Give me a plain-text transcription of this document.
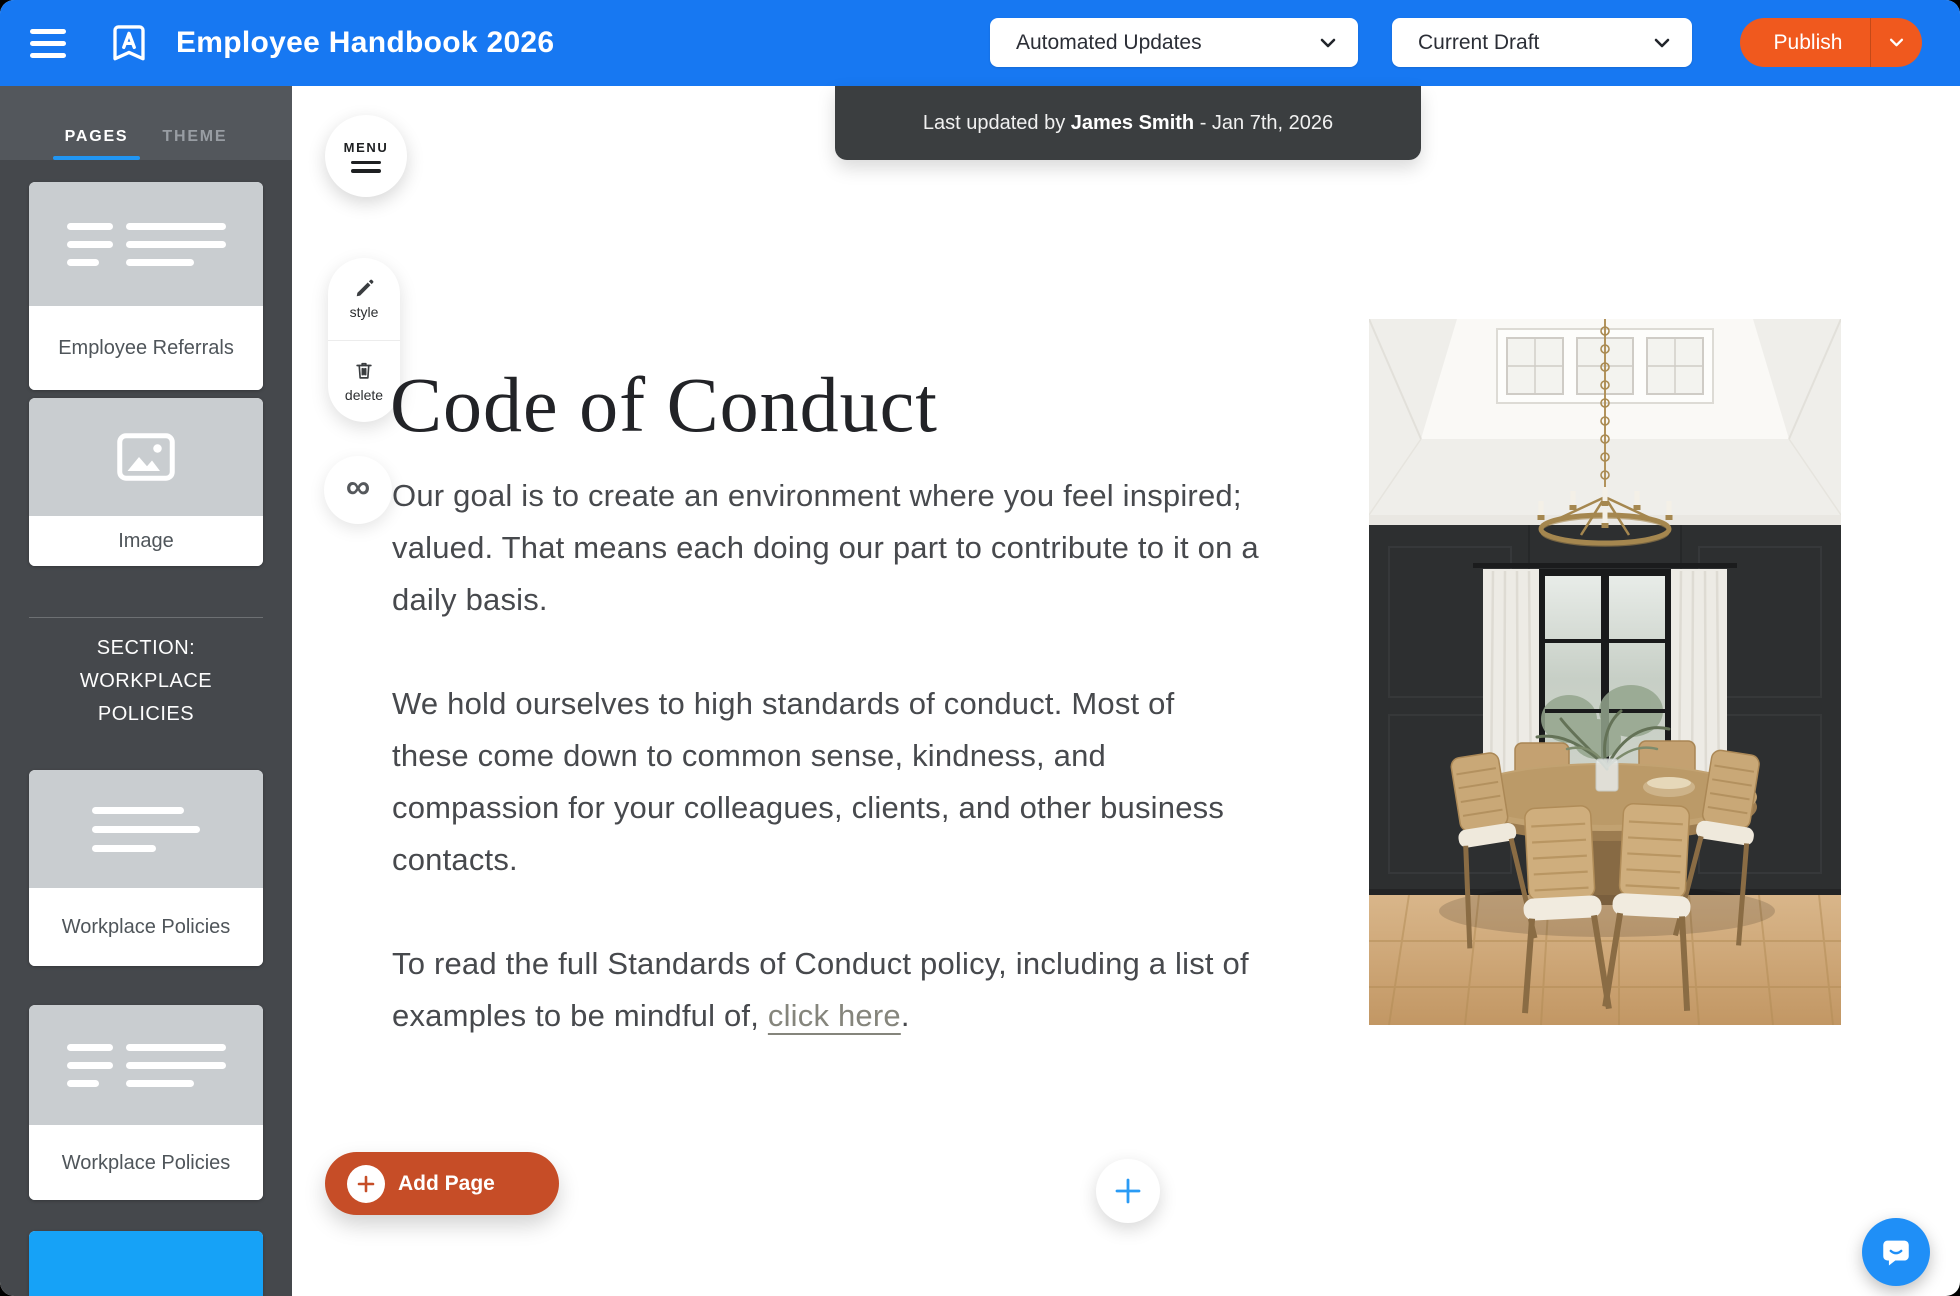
Employee Handbook 2026	Automated Updates	Current Draft	Publish
PAGES THEME
Employee Referrals
Image
SECTION: WORKPLACE POLICIES
Workplace Policies
Workplace Policies
Last updated by James Smith - Jan 7th, 2026
MENU
style
delete
∞
Code of Conduct

Our goal is to create an environment where you feel inspired; valued. That means each doing our part to contribute to it on a daily basis.

We hold ourselves to high standards of conduct. Most of these come down to common sense, kindness, and compassion for your colleagues, clients, and other business contacts.

To read the full Standards of Conduct policy, including a list of examples to be mindful of, click here.

Add Page
